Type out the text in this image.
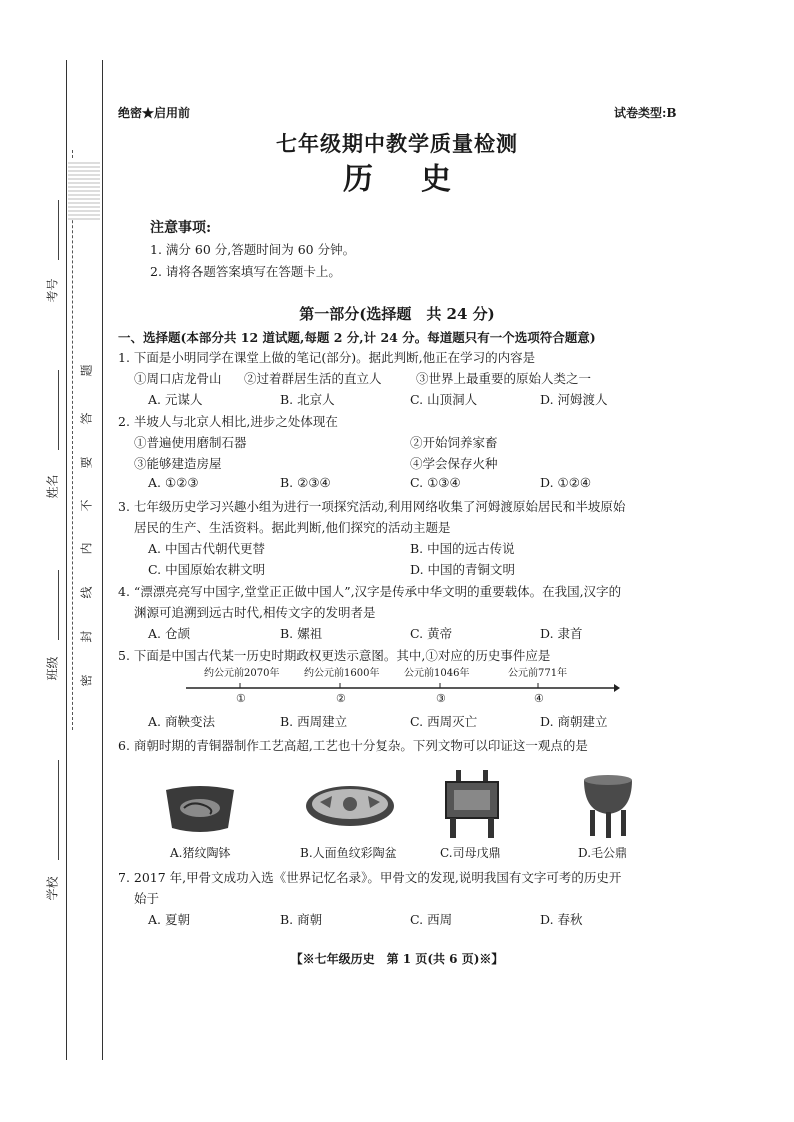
考号
姓名
班级
学校
题
答
要
不
内
线
封
密
绝密★启用前	试卷类型:B
七年级期中教学质量检测
历史
注意事项:
1. 满分 60 分,答题时间为 60 分钟。
2. 请将各题答案填写在答题卡上。
第一部分(选择题　共 24 分)
一、选择题(本部分共 12 道试题,每题 2 分,计 24 分。每道题只有一个选项符合题意)
1. 下面是小明同学在课堂上做的笔记(部分)。据此判断,他正在学习的内容是
①周口店龙骨山 ②过着群居生活的直立人	③世界上最重要的原始人类之一
A. 元谋人	B. 北京人	C. 山顶洞人	D. 河姆渡人
2. 半坡人与北京人相比,进步之处体现在
①普遍使用磨制石器	②开始饲养家畜
③能够建造房屋	④学会保存火种
A. ①②③	B. ②③④	C. ①③④	D. ①②④
3. 七年级历史学习兴趣小组为进行一项探究活动,利用网络收集了河姆渡原始居民和半坡原始
居民的生产、生活资料。据此判断,他们探究的活动主题是
A. 中国古代朝代更替	B. 中国的远古传说
C. 中国原始农耕文明	D. 中国的青铜文明
4. “漂漂亮亮写中国字,堂堂正正做中国人”,汉字是传承中华文明的重要载体。在我国,汉字的
渊源可追溯到远古时代,相传文字的发明者是
A. 仓颉	B. 嫘祖	C. 黄帝	D. 隶首
5. 下面是中国古代某一历史时期政权更迭示意图。其中,①对应的历史事件应是
约公元前2070年 约公元前1600年 公元前1046年	公元前771年
①	②	③	④
A. 商鞅变法	B. 西周建立	C. 西周灭亡	D. 商朝建立
6. 商朝时期的青铜器制作工艺高超,工艺也十分复杂。下列文物可以印证这一观点的是
A.猪纹陶钵	B.人面鱼纹彩陶盆	C.司母戊鼎	D.毛公鼎
7. 2017 年,甲骨文成功入选《世界记忆名录》。甲骨文的发现,说明我国有文字可考的历史开
始于
A. 夏朝	B. 商朝	C. 西周	D. 春秋
【※七年级历史　第 1 页(共 6 页)※】
